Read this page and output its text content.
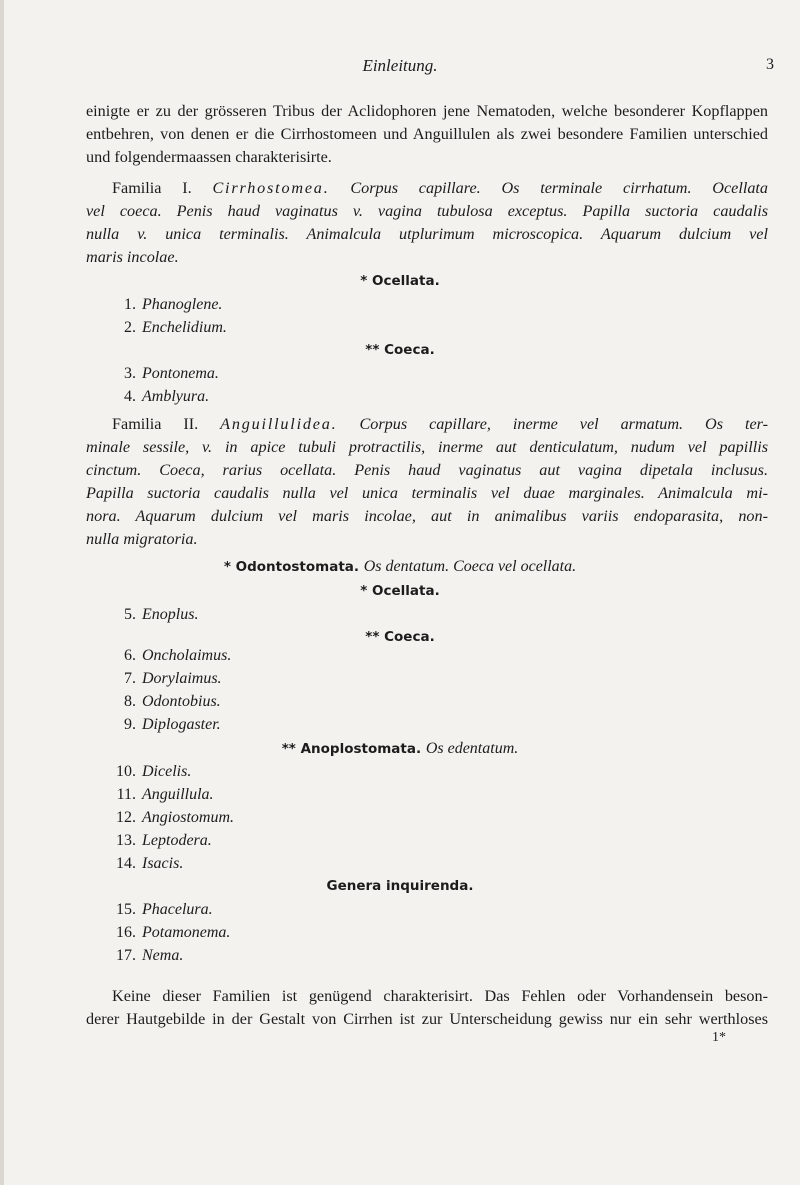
Einleitung.	3
einigte er zu der grösseren Tribus der Aclidophoren jene Nematoden, welche besonderer Kopflappen
entbehren, von denen er die Cirrhostomeen und Anguillulen als zwei besondere Familien unterschied
und folgendermaassen charakterisirte.
Familia I. Cirrhostomea. Corpus capillare. Os terminale cirrhatum. Ocellata
vel coeca. Penis haud vaginatus v. vagina tubulosa exceptus. Papilla suctoria caudalis
nulla v. unica terminalis. Animalcula utplurimum microscopica. Aquarum dulcium vel
maris incolae.
* Ocellata.
1. Phanoglene.
2. Enchelidium.
** Coeca.
3. Pontonema.
4. Amblyura.
Familia II. Anguillulidea. Corpus capillare, inerme vel armatum. Os ter-
minale sessile, v. in apice tubuli protractilis, inerme aut denticulatum, nudum vel papillis
cinctum. Coeca, rarius ocellata. Penis haud vaginatus aut vagina dipetala inclusus.
Papilla suctoria caudalis nulla vel unica terminalis vel duae marginales. Animalcula mi-
nora. Aquarum dulcium vel maris incolae, aut in animalibus variis endoparasita, non-
nulla migratoria.
* Odontostomata. Os dentatum. Coeca vel ocellata.
* Ocellata.
5. Enoplus.
** Coeca.
6. Oncholaimus.
7. Dorylaimus.
8. Odontobius.
9. Diplogaster.
** Anoplostomata. Os edentatum.
10. Dicelis.
11. Anguillula.
12. Angiostomum.
13. Leptodera.
14. Isacis.
Genera inquirenda.
15. Phacelura.
16. Potamonema.
17. Nema.
Keine dieser Familien ist genügend charakterisirt. Das Fehlen oder Vorhandensein beson-
derer Hautgebilde in der Gestalt von Cirrhen ist zur Unterscheidung gewiss nur ein sehr werthloses
1*
